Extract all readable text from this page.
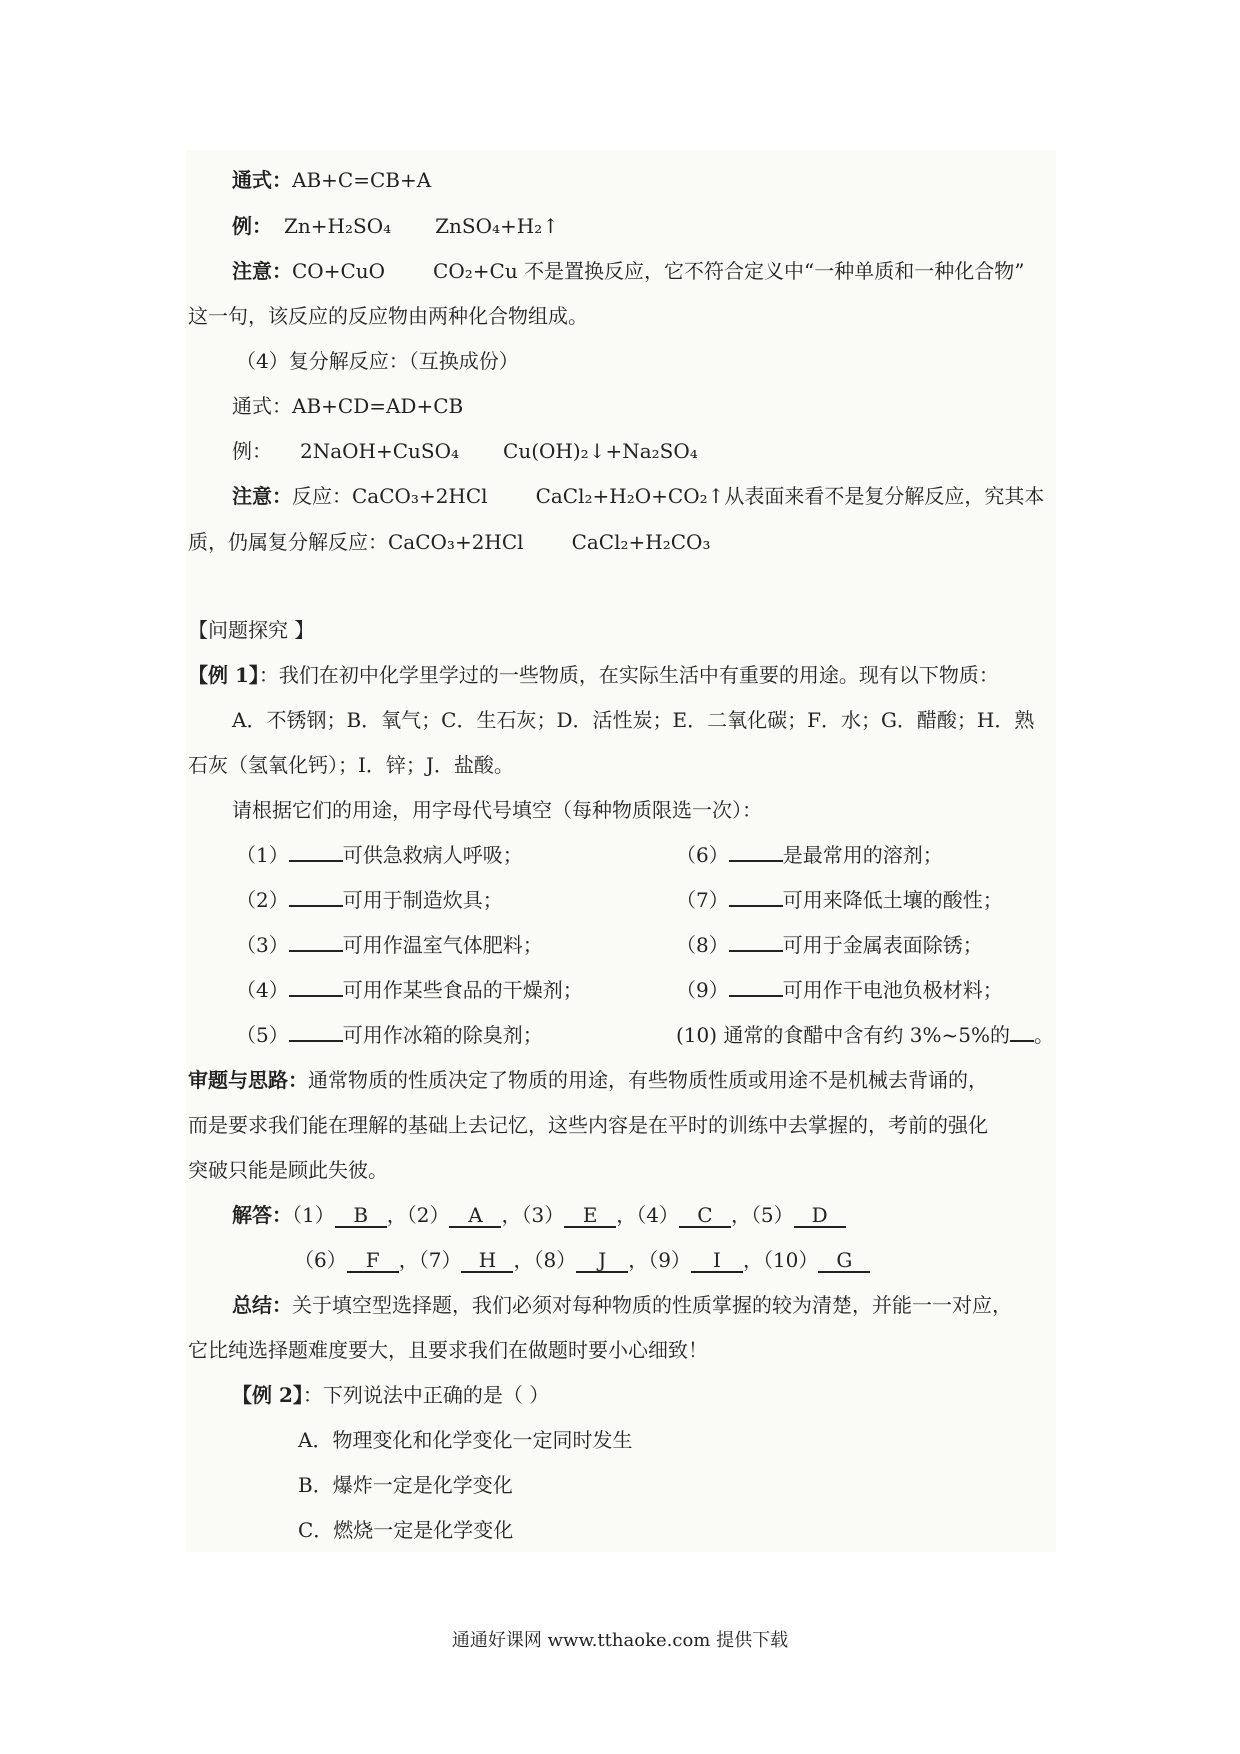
通式：AB+C=CB+A
例： Zn+H₂SO₄ ZnSO₄+H₂↑
注意：CO+CuO CO₂+Cu 不是置换反应，它不符合定义中“一种单质和一种化合物”
这一句，该反应的反应物由两种化合物组成。
（4）复分解反应：（互换成份）
通式：AB+CD=AD+CB
例： 2NaOH+CuSO₄ Cu(OH)₂↓+Na₂SO₄
注意：反应：CaCO₃+2HCl CaCl₂+H₂O+CO₂↑从表面来看不是复分解反应，究其本
质，仍属复分解反应：CaCO₃+2HCl CaCl₂+H₂CO₃
【问题探究 】
【例 1】：我们在初中化学里学过的一些物质，在实际生活中有重要的用途。现有以下物质：
A．不锈钢；B．氧气；C．生石灰；D．活性炭；E．二氧化碳；F．水；G．醋酸；H．熟
石灰（氢氧化钙）；I．锌；J．盐酸。
请根据它们的用途，用字母代号填空（每种物质限选一次）：
（1）	可供急救病人呼吸；
（2）	可用于制造炊具；
（3）	可用作温室气体肥料；
（4）	可用作某些食品的干燥剂；
（5）	可用作冰箱的除臭剂；
（6）	是最常用的溶剂；
（7）	可用来降低土壤的酸性；
（8）	可用于金属表面除锈；
（9）	可用作干电池负极材料；
(10) 通常的食醋中含有约 3%~5%的 。
审题与思路：通常物质的性质决定了物质的用途，有些物质性质或用途不是机械去背诵的，
而是要求我们能在理解的基础上去记忆，这些内容是在平时的训练中去掌握的，考前的强化
突破只能是顾此失彼。
解答：（1） B ，（2） A ，（3） E ，（4） C ，（5） D
（6） F ，（7） H ，（8） J ，（9） I ，（10） G
总结：关于填空型选择题，我们必须对每种物质的性质掌握的较为清楚，并能一一对应，
它比纯选择题难度要大，且要求我们在做题时要小心细致！
【例 2】：下列说法中正确的是（ ）
A．物理变化和化学变化一定同时发生
B．爆炸一定是化学变化
C．燃烧一定是化学变化
通通好课网 www.tthaoke.com 提供下载
